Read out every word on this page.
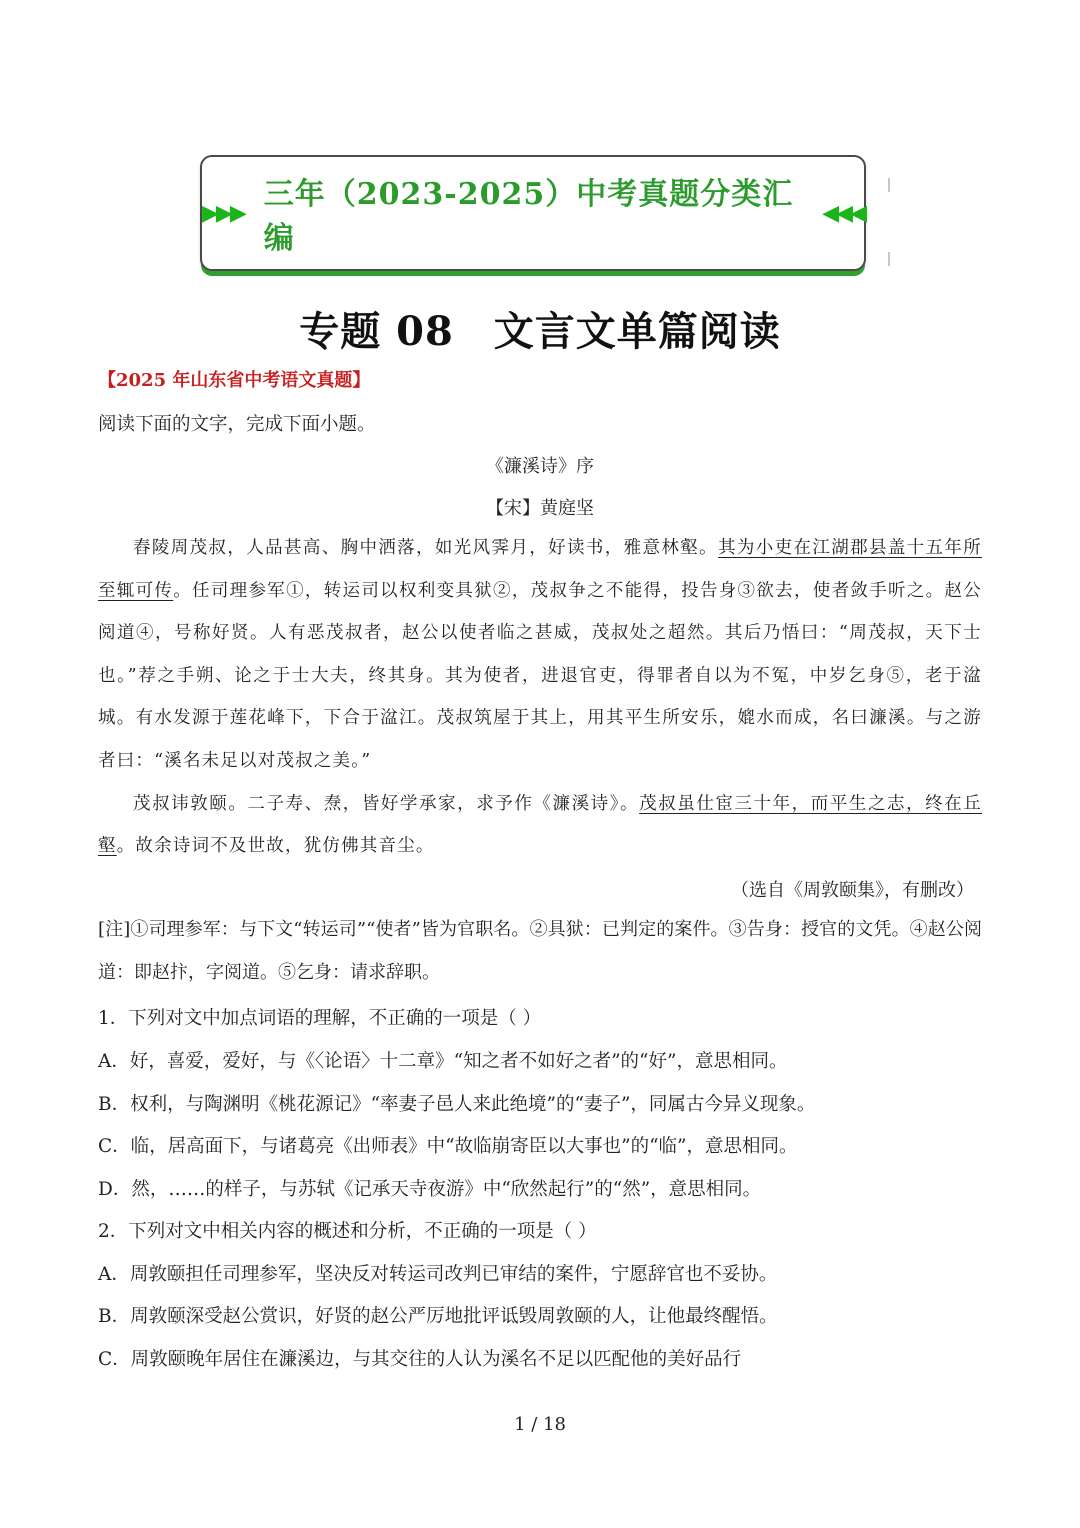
▶▶▶
三年（2023-2025）中考真题分类汇编
◀◀◀
专题 08 文言文单篇阅读
【2025 年山东省中考语文真题】
阅读下面的文字，完成下面小题。
《濂溪诗》序
【宋】黄庭坚

舂陵周茂叔，人品甚高、胸中洒落，如光风霁月，好读书，雅意林壑。其为小吏在江湖郡县盖十五年所至辄可传。任司理参军①，转运司以权利变具狱②，茂叔争之不能得，投告身③欲去，使者敛手听之。赵公阅道④，号称好贤。人有恶茂叔者，赵公以使者临之甚威，茂叔处之超然。其后乃悟曰：“周茂叔，天下士也。”荐之手朔、论之于士大夫，终其身。其为使者，进退官吏，得罪者自以为不冤，中岁乞身⑤，老于湓城。有水发源于莲花峰下，下合于湓江。茂叔筑屋于其上，用其平生所安乐，媲水而成，名曰濂溪。与之游者曰：“溪名未足以对茂叔之美。”

茂叔讳敦颐。二子寿、焘，皆好学承家，求予作《濂溪诗》。茂叔虽仕宦三十年，而平生之志，终在丘壑。故余诗词不及世故，犹仿佛其音尘。

（选自《周敦颐集》，有删改）
[注]①司理参军：与下文“转运司”“使者”皆为官职名。②具狱：已判定的案件。③告身：授官的文凭。④赵公阅道：即赵抃，字阅道。⑤乞身：请求辞职。
1．下列对文中加点词语的理解，不正确的一项是（ ）
A．好，喜爱，爱好，与《〈论语〉十二章》“知之者不如好之者”的“好”，意思相同。
B．权利，与陶渊明《桃花源记》“率妻子邑人来此绝境”的“妻子”，同属古今异义现象。
C．临，居高面下，与诸葛亮《出师表》中“故临崩寄臣以大事也”的“临”，意思相同。
D．然，……的样子，与苏轼《记承天寺夜游》中“欣然起行”的“然”，意思相同。
2．下列对文中相关内容的概述和分析，不正确的一项是（ ）
A．周敦颐担任司理参军，坚决反对转运司改判已审结的案件，宁愿辞官也不妥协。
B．周敦颐深受赵公赏识，好贤的赵公严厉地批评诋毁周敦颐的人，让他最终醒悟。
C．周敦颐晚年居住在濂溪边，与其交往的人认为溪名不足以匹配他的美好品行
1 / 18
